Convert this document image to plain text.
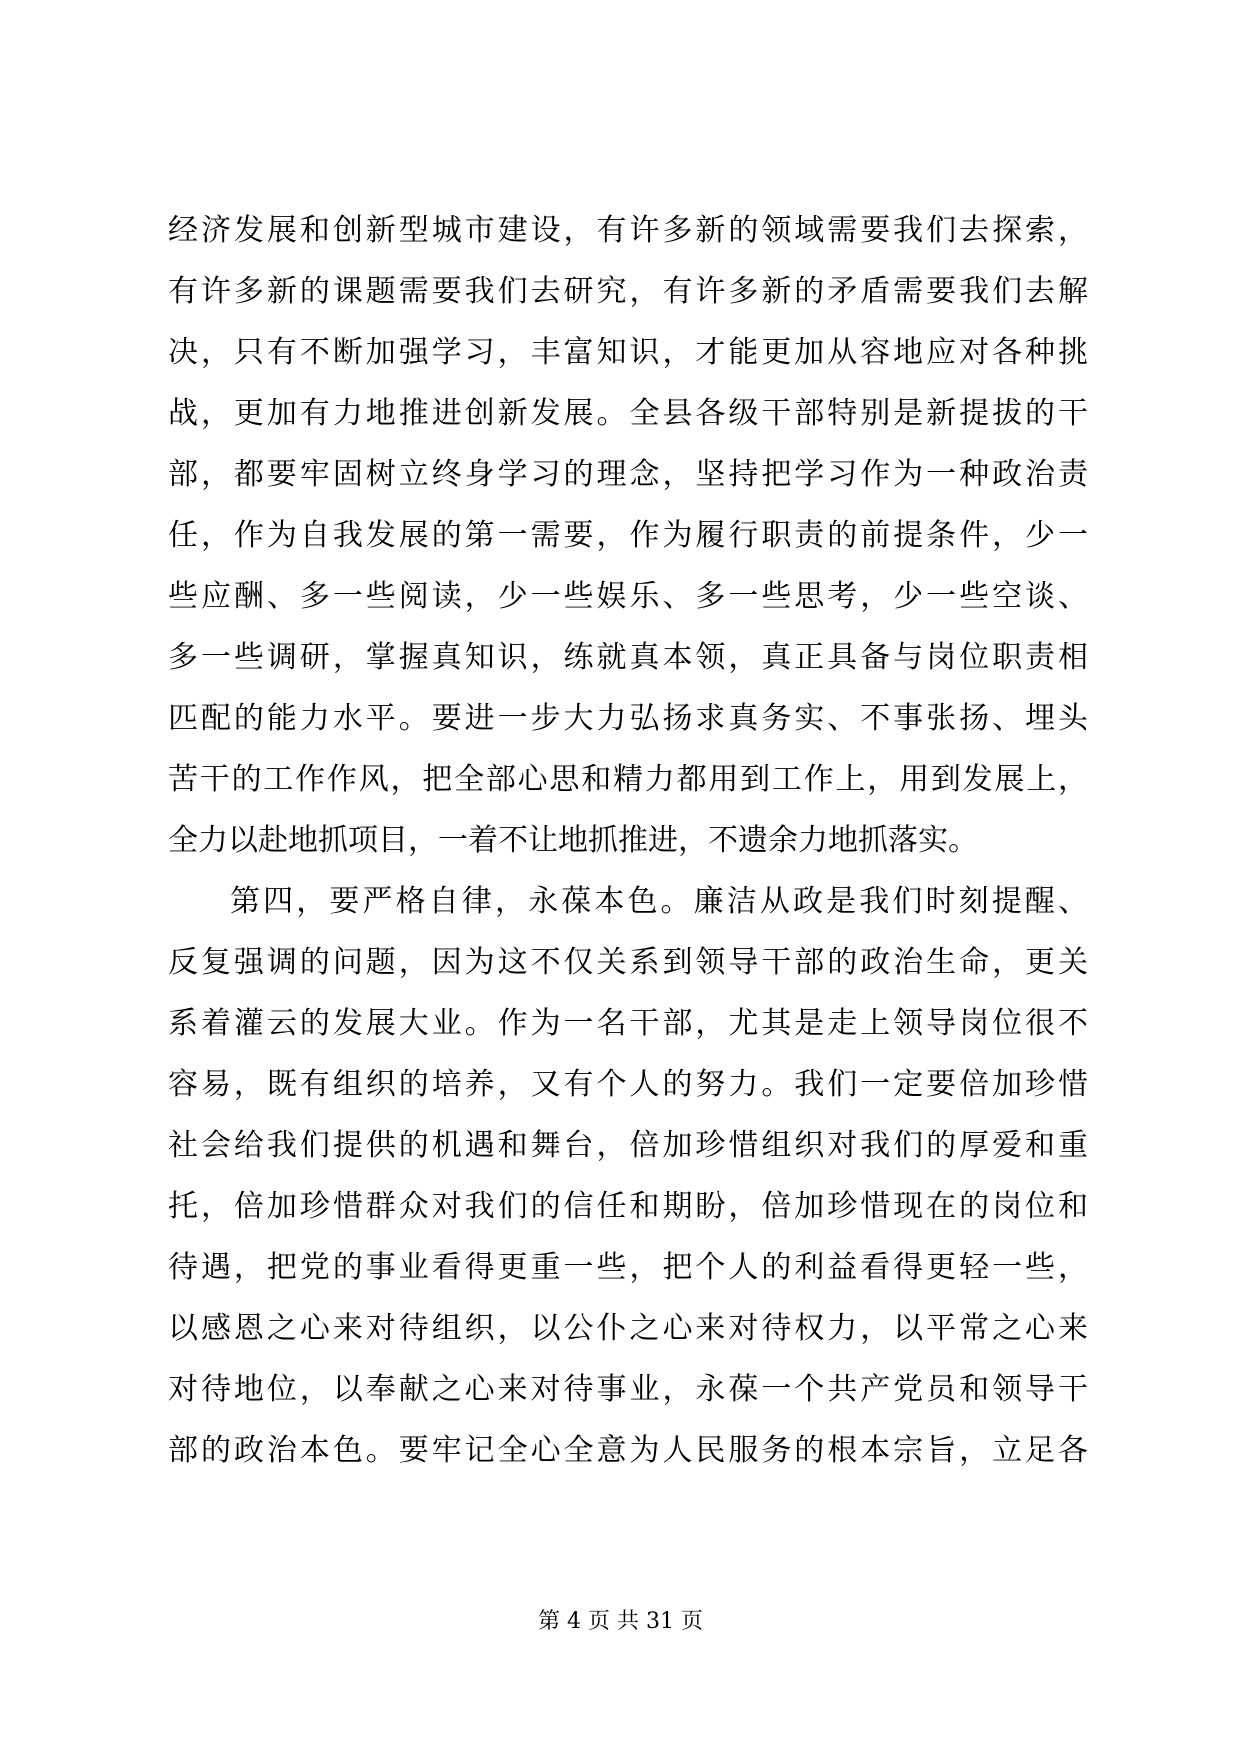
经济发展和创新型城市建设，有许多新的领域需要我们去探索，
有许多新的课题需要我们去研究，有许多新的矛盾需要我们去解
决，只有不断加强学习，丰富知识，才能更加从容地应对各种挑
战，更加有力地推进创新发展。全县各级干部特别是新提拔的干
部，都要牢固树立终身学习的理念，坚持把学习作为一种政治责
任，作为自我发展的第一需要，作为履行职责的前提条件，少一
些应酬、多一些阅读，少一些娱乐、多一些思考，少一些空谈、
多一些调研，掌握真知识，练就真本领，真正具备与岗位职责相
匹配的能力水平。要进一步大力弘扬求真务实、不事张扬、埋头
苦干的工作作风，把全部心思和精力都用到工作上，用到发展上，
全力以赴地抓项目，一着不让地抓推进，不遗余力地抓落实。
第四，要严格自律，永葆本色。廉洁从政是我们时刻提醒、
反复强调的问题，因为这不仅关系到领导干部的政治生命，更关
系着灌云的发展大业。作为一名干部，尤其是走上领导岗位很不
容易，既有组织的培养，又有个人的努力。我们一定要倍加珍惜
社会给我们提供的机遇和舞台，倍加珍惜组织对我们的厚爱和重
托，倍加珍惜群众对我们的信任和期盼，倍加珍惜现在的岗位和
待遇，把党的事业看得更重一些，把个人的利益看得更轻一些，
以感恩之心来对待组织，以公仆之心来对待权力，以平常之心来
对待地位，以奉献之心来对待事业，永葆一个共产党员和领导干
部的政治本色。要牢记全心全意为人民服务的根本宗旨，立足各
第 4 页 共 31 页
